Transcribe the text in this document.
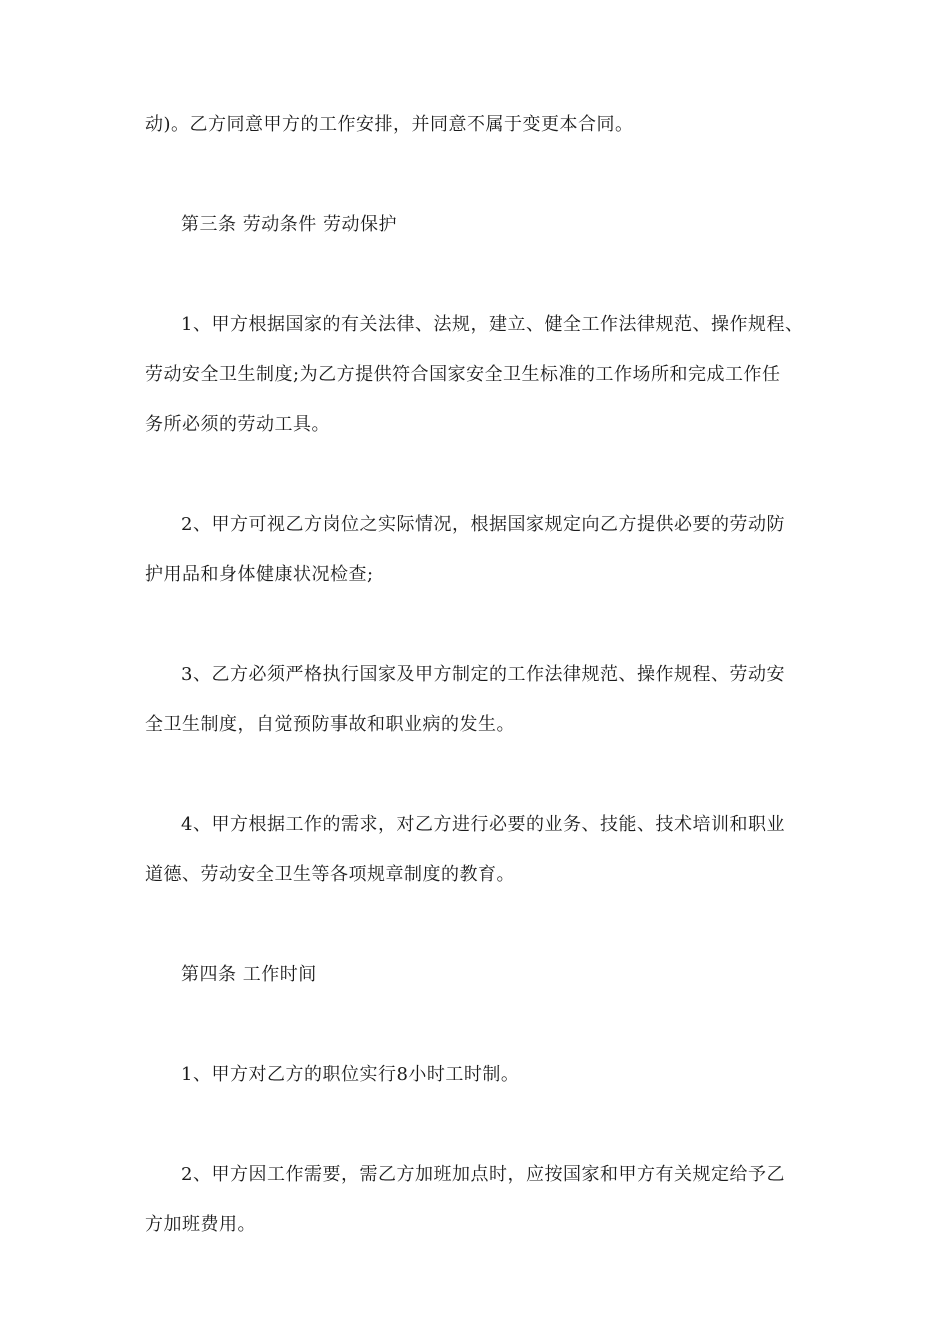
动)。乙方同意甲方的工作安排，并同意不属于变更本合同。
第三条 劳动条件 劳动保护
1、甲方根据国家的有关法律、法规，建立、健全工作法律规范、操作规程、
劳动安全卫生制度;为乙方提供符合国家安全卫生标准的工作场所和完成工作任
务所必须的劳动工具。
2、甲方可视乙方岗位之实际情况，根据国家规定向乙方提供必要的劳动防
护用品和身体健康状况检查;
3、乙方必须严格执行国家及甲方制定的工作法律规范、操作规程、劳动安
全卫生制度，自觉预防事故和职业病的发生。
4、甲方根据工作的需求，对乙方进行必要的业务、技能、技术培训和职业
道德、劳动安全卫生等各项规章制度的教育。
第四条 工作时间
1、甲方对乙方的职位实行8小时工时制。
2、甲方因工作需要，需乙方加班加点时，应按国家和甲方有关规定给予乙
方加班费用。
